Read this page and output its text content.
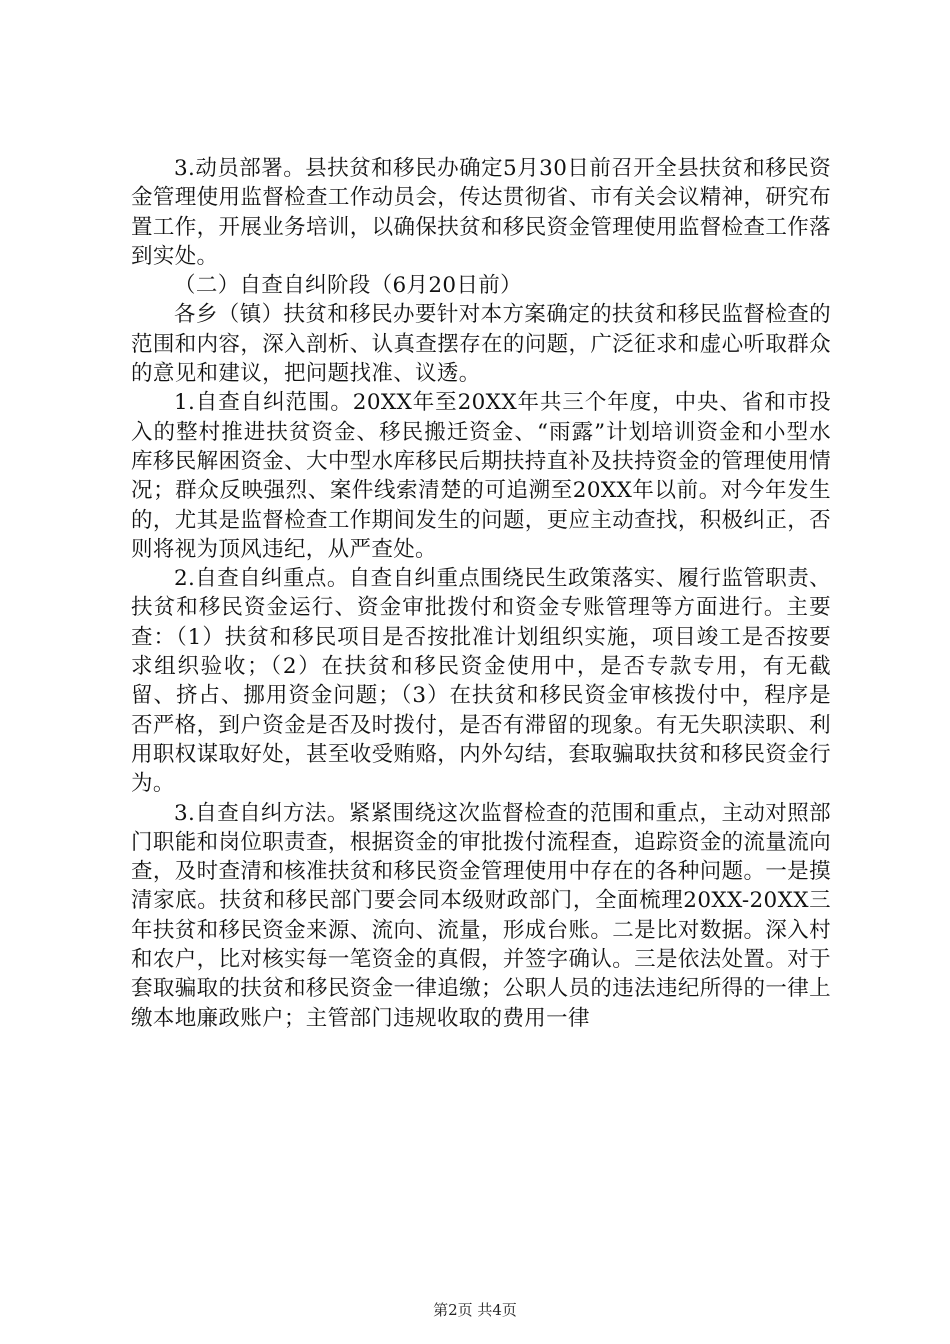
3.动员部署。县扶贫和移民办确定5月30日前召开全县扶贫和移民资金管理使用监督检查工作动员会，传达贯彻省、市有关会议精神，研究布置工作，开展业务培训，以确保扶贫和移民资金管理使用监督检查工作落到实处。

（二）自查自纠阶段（6月20日前）

各乡（镇）扶贫和移民办要针对本方案确定的扶贫和移民监督检查的范围和内容，深入剖析、认真查摆存在的问题，广泛征求和虚心听取群众的意见和建议，把问题找准、议透。

1.自查自纠范围。20XX年至20XX年共三个年度，中央、省和市投入的整村推进扶贫资金、移民搬迁资金、“雨露”计划培训资金和小型水库移民解困资金、大中型水库移民后期扶持直补及扶持资金的管理使用情况；群众反映强烈、案件线索清楚的可追溯至20XX年以前。对今年发生的，尤其是监督检查工作期间发生的问题，更应主动查找，积极纠正，否则将视为顶风违纪，从严查处。

2.自查自纠重点。自查自纠重点围绕民生政策落实、履行监管职责、扶贫和移民资金运行、资金审批拨付和资金专账管理等方面进行。主要查：（1）扶贫和移民项目是否按批准计划组织实施，项目竣工是否按要求组织验收；（2）在扶贫和移民资金使用中，是否专款专用，有无截留、挤占、挪用资金问题；（3）在扶贫和移民资金审核拨付中，程序是否严格，到户资金是否及时拨付，是否有滞留的现象。有无失职渎职、利用职权谋取好处，甚至收受贿赂，内外勾结，套取骗取扶贫和移民资金行为。

3.自查自纠方法。紧紧围绕这次监督检查的范围和重点，主动对照部门职能和岗位职责查，根据资金的审批拨付流程查，追踪资金的流量流向查，及时查清和核准扶贫和移民资金管理使用中存在的各种问题。一是摸清家底。扶贫和移民部门要会同本级财政部门，全面梳理20XX-20XX三年扶贫和移民资金来源、流向、流量，形成台账。二是比对数据。深入村和农户，比对核实每一笔资金的真假，并签字确认。三是依法处置。对于套取骗取的扶贫和移民资金一律追缴；公职人员的违法违纪所得的一律上缴本地廉政账户；主管部门违规收取的费用一律

第2页 共4页
